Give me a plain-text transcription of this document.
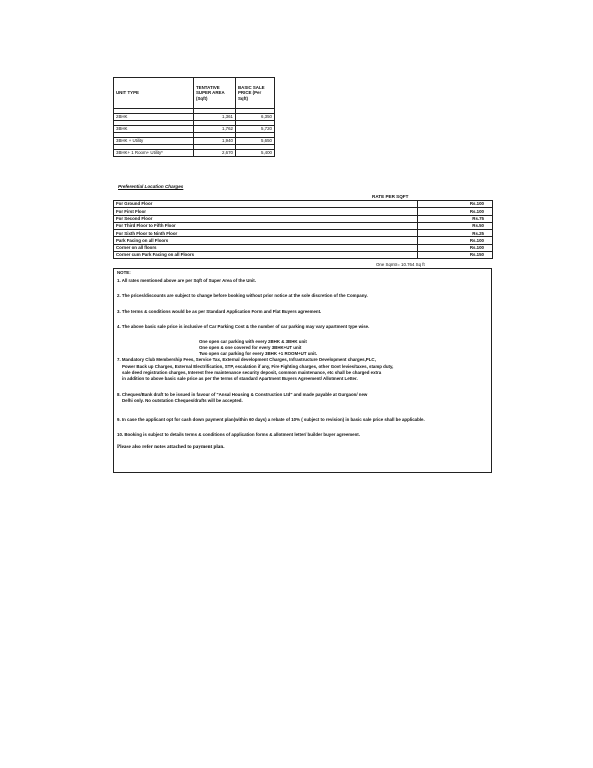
UNIT TYPE	TENTATIVE SUPER AREA (Sqft)	BASIC SALE PRICE (Per Sqft)

2BHK	1,361	6,350

3BHK	1,762	5,720

3BHK + Utility	1,940	5,650

3BHK+ 1 Room+ Utility*	2,670	5,400
Preferential Location Charges
RATE PER SQFT
For Ground Floor	Rs.100
For First Floor	Rs.100
For Second Floor	Rs.75
For Third Floor to Fifth Floor	Rs.50
For Sixth Floor to Ninth Floor	Rs.25
Park Facing on all Floors	Rs.100
Corner on all floors	Rs.100
Corner cum Park Facing on all Floors	Rs.150
One Sqmtr= 10.764 Sq ft
NOTE:
1. All rates mentioned above are per Sqft of Super Area of the Unit.
2. The prices/discounts are subject to change before booking without prior notice at the sole discretion of the Company.
3. The terms & conditions would be as per Standard Application Form and Flat Buyers agreement.
4. The above basic sale price is inclusive of Car Parking Cost & the number of car parking may vary apartment type wise.
One open car parking with every 2BHK & 3BHK unit
One open & one covered for every 3BHK+UT unit
Two open car parking for every 3BHK +1 ROOM+UT unit.
7. Mandatory Club Membership Fees, Service Tax, External development Charges, Infrastructure Development charges,PLC,
Power Back up Charges, External Electrification, STP, escalation if any, Fire Fighting charges, other Govt levies/taxes, stamp duty,
sale deed registration charges, Interest free maintenance security deposit, common maintenance, etc shall be charged extra
in addition to above basic sale price as per the terms of standard Apartment Buyers Agreement/ Allotment Letter.
8. Cheques/Bank draft to be issued in favour of "Ansal Housing & Construction Ltd" and made payable at Gurgaon/ new
Delhi only. No outstation Cheques/drafts will be accepted.
9. In case the applicant opt for cash down payment plan(within 60 days) a rebate of 10% ( subject to revision) in basic sale price shall be applicable.
10. Booking is subject to details terms & conditions of application forms & allotment letter/ builder buyer agreement.
Please also refer notes attached to payment plan.
